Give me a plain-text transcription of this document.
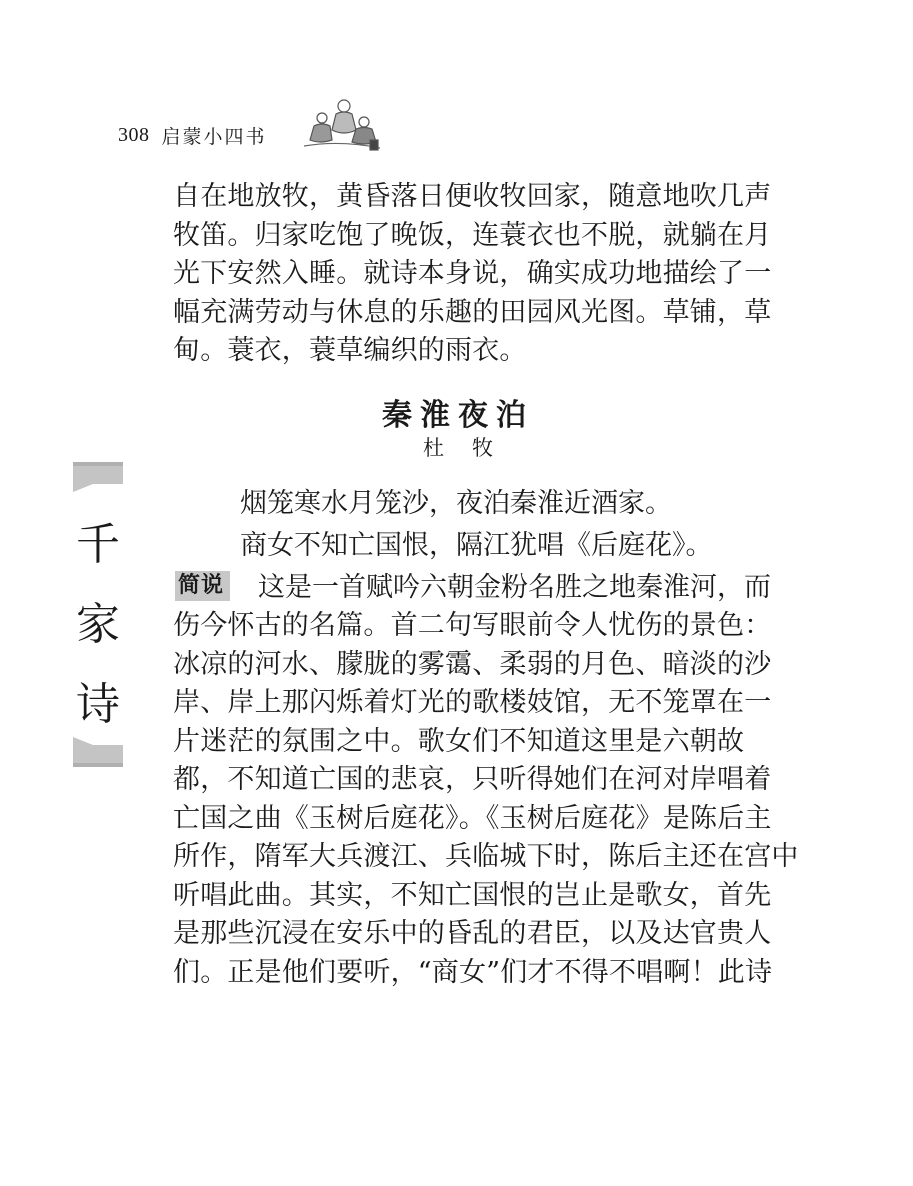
308 启蒙小四书
自在地放牧，黄昏落日便收牧回家，随意地吹几声
牧笛。归家吃饱了晚饭，连蓑衣也不脱，就躺在月
光下安然入睡。就诗本身说，确实成功地描绘了一
幅充满劳动与休息的乐趣的田园风光图。草铺，草
甸。蓑衣，蓑草编织的雨衣。
秦淮夜泊
杜牧
烟笼寒水月笼沙，夜泊秦淮近酒家。
商女不知亡国恨，隔江犹唱《后庭花》。
简说 这是一首赋吟六朝金粉名胜之地秦淮河，而
伤今怀古的名篇。首二句写眼前令人忧伤的景色：
冰凉的河水、朦胧的雾霭、柔弱的月色、暗淡的沙
岸、岸上那闪烁着灯光的歌楼妓馆，无不笼罩在一
片迷茫的氛围之中。歌女们不知道这里是六朝故
都，不知道亡国的悲哀，只听得她们在河对岸唱着
亡国之曲《玉树后庭花》。《玉树后庭花》是陈后主
所作，隋军大兵渡江、兵临城下时，陈后主还在宫中
听唱此曲。其实，不知亡国恨的岂止是歌女，首先
是那些沉浸在安乐中的昏乱的君臣，以及达官贵人
们。正是他们要听，“商女”们才不得不唱啊！此诗
千
家
诗
